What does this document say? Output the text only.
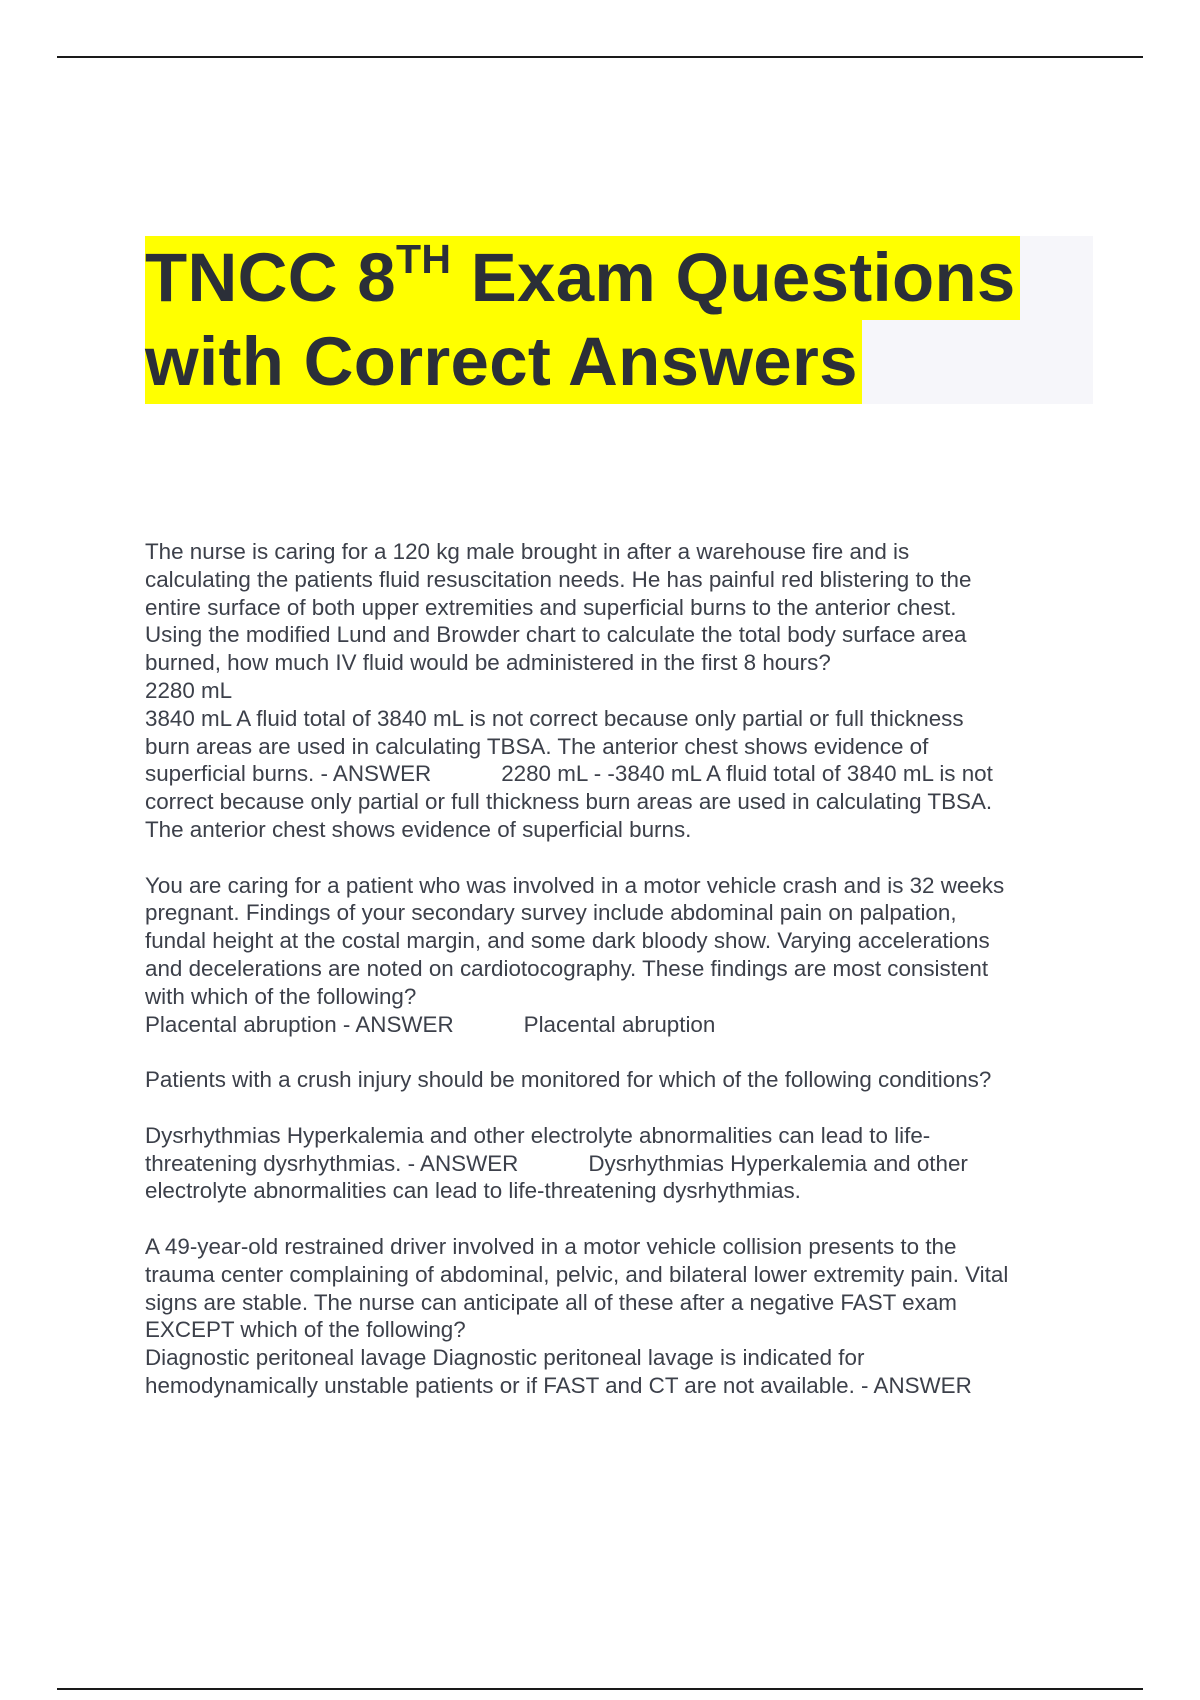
TNCC 8TH Exam Questions
with Correct Answers
The nurse is caring for a 120 kg male brought in after a warehouse fire and is
calculating the patients fluid resuscitation needs. He has painful red blistering to the
entire surface of both upper extremities and superficial burns to the anterior chest.
Using the modified Lund and Browder chart to calculate the total body surface area
burned, how much IV fluid would be administered in the first 8 hours?
2280 mL
3840 mL A fluid total of 3840 mL is not correct because only partial or full thickness
burn areas are used in calculating TBSA. The anterior chest shows evidence of
superficial burns. - ANSWER	2280 mL - -3840 mL A fluid total of 3840 mL is not
correct because only partial or full thickness burn areas are used in calculating TBSA.
The anterior chest shows evidence of superficial burns.
You are caring for a patient who was involved in a motor vehicle crash and is 32 weeks
pregnant. Findings of your secondary survey include abdominal pain on palpation,
fundal height at the costal margin, and some dark bloody show. Varying accelerations
and decelerations are noted on cardiotocography. These findings are most consistent
with which of the following?
Placental abruption - ANSWER	Placental abruption
Patients with a crush injury should be monitored for which of the following conditions?
Dysrhythmias Hyperkalemia and other electrolyte abnormalities can lead to life-
threatening dysrhythmias. - ANSWER	Dysrhythmias Hyperkalemia and other
electrolyte abnormalities can lead to life-threatening dysrhythmias.
A 49-year-old restrained driver involved in a motor vehicle collision presents to the
trauma center complaining of abdominal, pelvic, and bilateral lower extremity pain. Vital
signs are stable. The nurse can anticipate all of these after a negative FAST exam
EXCEPT which of the following?
Diagnostic peritoneal lavage Diagnostic peritoneal lavage is indicated for
hemodynamically unstable patients or if FAST and CT are not available. - ANSWER
